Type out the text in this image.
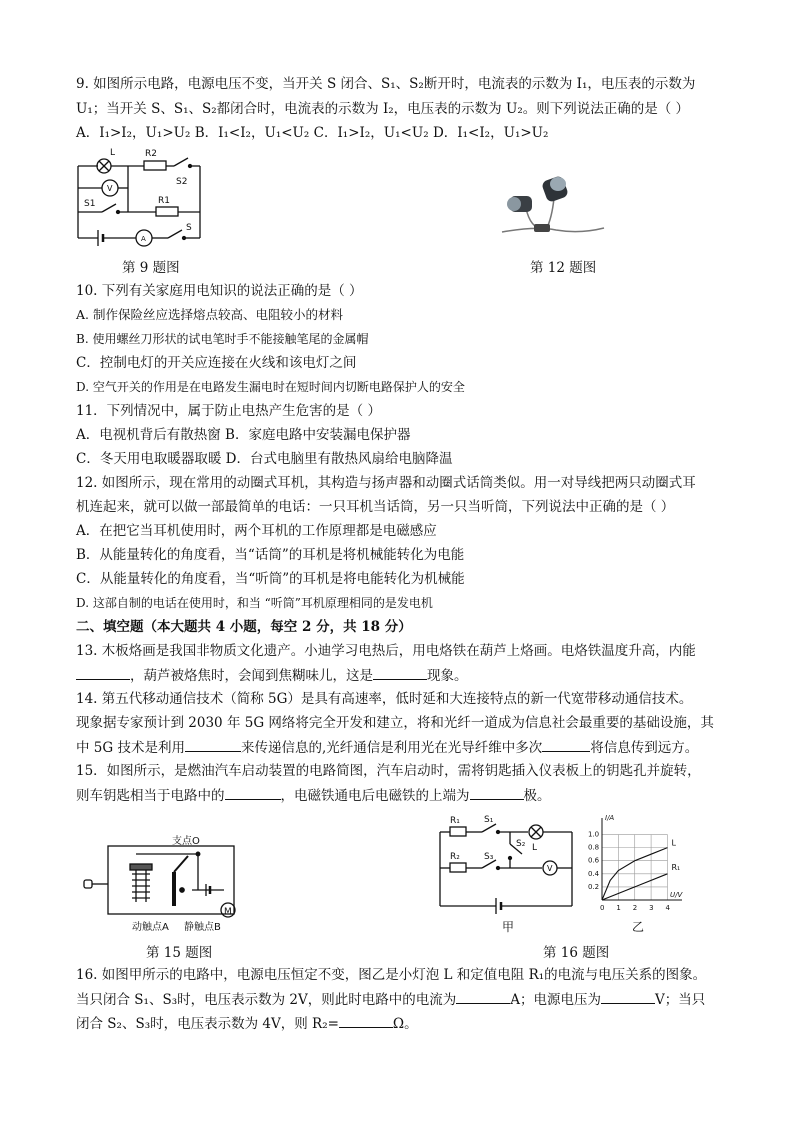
9. 如图所示电路，电源电压不变，当开关 S 闭合、S₁、S₂断开时，电流表的示数为 I₁，电压表的示数为
U₁；当开关 S、S₁、S₂都闭合时，电流表的示数为 I₂，电压表的示数为 U₂。则下列说法正确的是（ ）
A．I₁>I₂，U₁>U₂ B．I₁<I₂，U₁<U₂ C．I₁>I₂，U₁<U₂ D．I₁<I₂，U₁>U₂
L	R2
S2
V
S1	R1
A
S
第 9 题图	第 12 题图
10. 下列有关家庭用电知识的说法正确的是（ ）
A. 制作保险丝应选择熔点较高、电阻较小的材料
B. 使用螺丝刀形状的试电笔时手不能接触笔尾的金属帽
C．控制电灯的开关应连接在火线和该电灯之间
D. 空气开关的作用是在电路发生漏电时在短时间内切断电路保护人的安全
11．下列情况中，属于防止电热产生危害的是（ ）
A．电视机背后有散热窗 B．家庭电路中安装漏电保护器
C．冬天用电取暖器取暖 D．台式电脑里有散热风扇给电脑降温
12. 如图所示，现在常用的动圈式耳机，其构造与扬声器和动圈式话筒类似。用一对导线把两只动圈式耳
机连起来，就可以做一部最简单的电话：一只耳机当话筒，另一只当听筒，下列说法中正确的是（ ）
A．在把它当耳机使用时，两个耳机的工作原理都是电磁感应
B．从能量转化的角度看，当“话筒”的耳机是将机械能转化为电能
C．从能量转化的角度看，当“听筒”的耳机是将电能转化为机械能
D. 这部自制的电话在使用时，和当 “听筒”耳机原理相同的是发电机
二、填空题（本大题共 4 小题，每空 2 分，共 18 分）
13. 木板烙画是我国非物质文化遗产。小迪学习电热后，用电烙铁在葫芦上烙画。电烙铁温度升高，内能
，葫芦被烙焦时，会闻到焦糊味儿，这是	现象。
14. 第五代移动通信技术（简称 5G）是具有高速率，低时延和大连接特点的新一代宽带移动通信技术。
现象据专家预计到 2030 年 5G 网络将完全开发和建立，将和光纤一道成为信息社会最重要的基础设施，其
中 5G 技术是利用	来传递信息的,光纤通信是利用光在光导纤维中多次	将信息传到远方。
15．如图所示，是燃油汽车启动装置的电路简图，汽车启动时，需将钥匙插入仪表板上的钥匙孔并旋转，
则车钥匙相当于电路中的	，电磁铁通电后电磁铁的上端为	极。
支点O
动触点A 静触点B
M
第 15 题图
R₁	S₁
R₂	S₃
S₂ L
V
甲
0 1 2 3 4
0.2
0.4
0.6
0.8
1.0
I/A
U/V
L
R₁
乙
第 16 题图
16. 如图甲所示的电路中，电源电压恒定不变，图乙是小灯泡 L 和定值电阻 R₁的电流与电压关系的图象。
当只闭合 S₁、S₃时，电压表示数为 2V，则此时电路中的电流为	A；电源电压为	V；当只
闭合 S₂、S₃时，电压表示数为 4V，则 R₂=	Ω。
